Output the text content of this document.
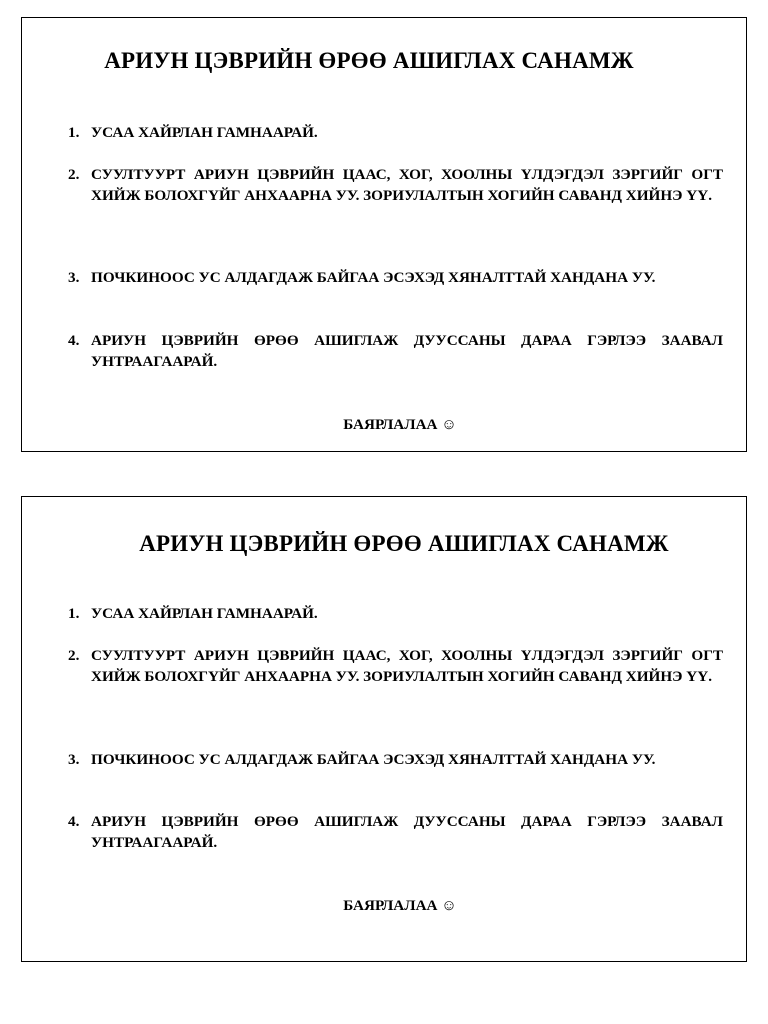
АРИУН ЦЭВРИЙН ӨРӨӨ АШИГЛАХ САНАМЖ
1. УСАА ХАЙРЛАН ГАМНААРАЙ.
2. СУУЛТУУРТ АРИУН ЦЭВРИЙН ЦААС, ХОГ, ХООЛНЫ ҮЛДЭГДЭЛ ЗЭРГИЙГ ОГТ ХИЙЖ БОЛОХГҮЙГ АНХААРНА УУ. ЗОРИУЛАЛТЫН ХОГИЙН САВАНД ХИЙНЭ ҮҮ.
3. ПОЧКИНООС УС АЛДАГДАЖ БАЙГАА ЭСЭХЭД ХЯНАЛТТАЙ ХАНДАНА УУ.
4. АРИУН ЦЭВРИЙН ӨРӨӨ АШИГЛАЖ ДУУССАНЫ ДАРАА ГЭРЛЭЭ ЗААВАЛ УНТРААГААРАЙ.
БАЯРЛАЛАА ☺
АРИУН ЦЭВРИЙН ӨРӨӨ АШИГЛАХ САНАМЖ
1. УСАА ХАЙРЛАН ГАМНААРАЙ.
2. СУУЛТУУРТ АРИУН ЦЭВРИЙН ЦААС, ХОГ, ХООЛНЫ ҮЛДЭГДЭЛ ЗЭРГИЙГ ОГТ ХИЙЖ БОЛОХГҮЙГ АНХААРНА УУ. ЗОРИУЛАЛТЫН ХОГИЙН САВАНД ХИЙНЭ ҮҮ.
3. ПОЧКИНООС УС АЛДАГДАЖ БАЙГАА ЭСЭХЭД ХЯНАЛТТАЙ ХАНДАНА УУ.
4. АРИУН ЦЭВРИЙН ӨРӨӨ АШИГЛАЖ ДУУССАНЫ ДАРАА ГЭРЛЭЭ ЗААВАЛ УНТРААГААРАЙ.
БАЯРЛАЛАА ☺
